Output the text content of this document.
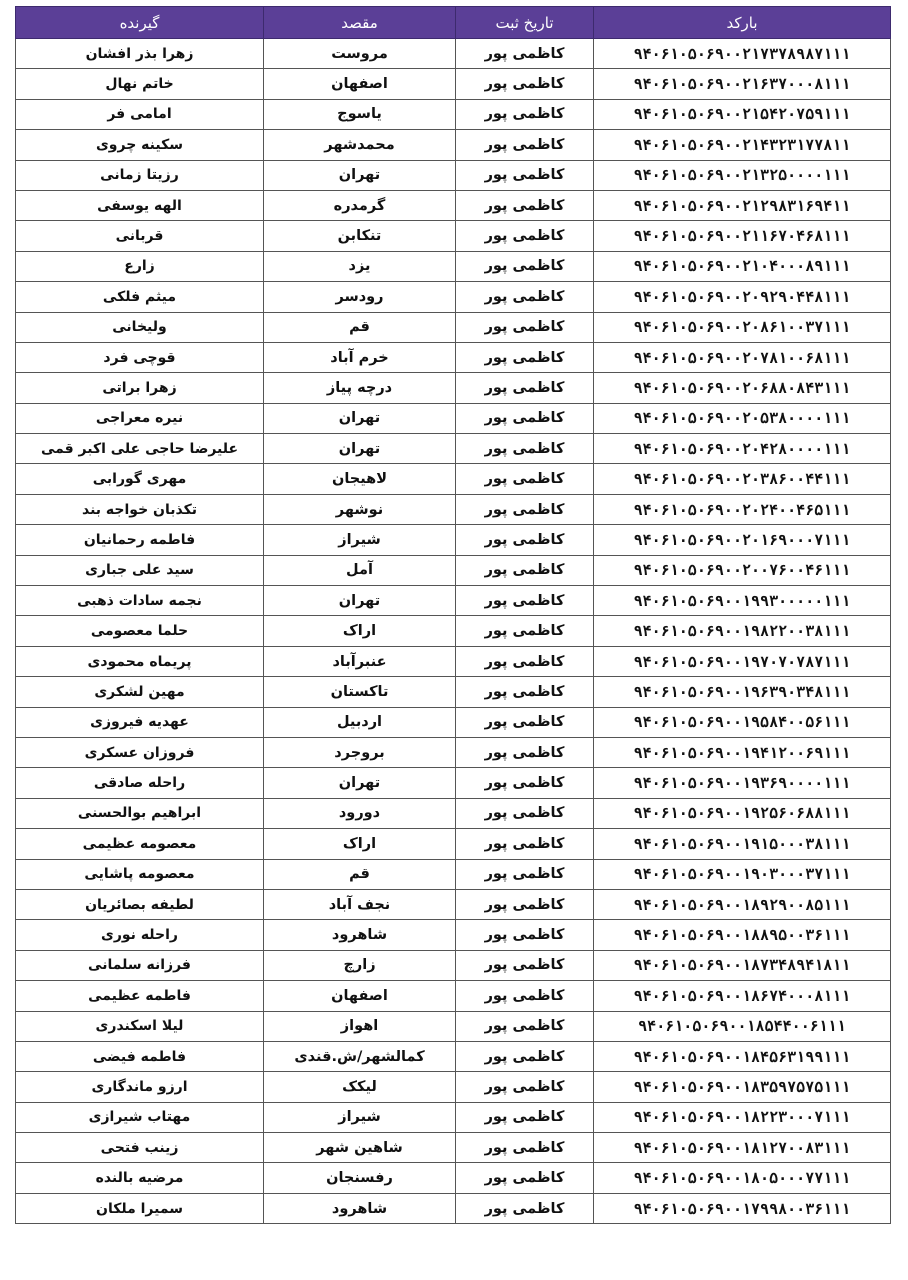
بارکد	تاریخ ثبت	مقصد	گیرنده
۹۴۰۶۱۰۵۰۶۹۰۰۲۱۷۳۷۸۹۸۷۱۱۱	کاظمی پور	مروست	زهرا بذر افشان
۹۴۰۶۱۰۵۰۶۹۰۰۲۱۶۳۷۰۰۰۸۱۱۱	کاظمی پور	اصفهان	خاتم نهال
۹۴۰۶۱۰۵۰۶۹۰۰۲۱۵۴۲۰۷۵۹۱۱۱	کاظمی پور	یاسوج	امامی فر
۹۴۰۶۱۰۵۰۶۹۰۰۲۱۴۳۲۳۱۷۷۸۱۱	کاظمی پور	محمدشهر	سکینه چروی
۹۴۰۶۱۰۵۰۶۹۰۰۲۱۳۲۵۰۰۰۰۱۱۱	کاظمی پور	تهران	رزیتا زمانی
۹۴۰۶۱۰۵۰۶۹۰۰۲۱۲۹۸۳۱۶۹۴۱۱	کاظمی پور	گرمدره	الهه یوسفی
۹۴۰۶۱۰۵۰۶۹۰۰۲۱۱۶۷۰۴۶۸۱۱۱	کاظمی پور	تنکابن	قربانی
۹۴۰۶۱۰۵۰۶۹۰۰۲۱۰۴۰۰۰۸۹۱۱۱	کاظمی پور	یزد	زارع
۹۴۰۶۱۰۵۰۶۹۰۰۲۰۹۲۹۰۴۴۸۱۱۱	کاظمی پور	رودسر	میثم فلکی
۹۴۰۶۱۰۵۰۶۹۰۰۲۰۸۶۱۰۰۳۷۱۱۱	کاظمی پور	قم	ولیخانی
۹۴۰۶۱۰۵۰۶۹۰۰۲۰۷۸۱۰۰۶۸۱۱۱	کاظمی پور	خرم آباد	قوچی فرد
۹۴۰۶۱۰۵۰۶۹۰۰۲۰۶۸۸۰۸۴۳۱۱۱	کاظمی پور	درچه پیاز	زهرا براتی
۹۴۰۶۱۰۵۰۶۹۰۰۲۰۵۳۸۰۰۰۰۱۱۱	کاظمی پور	تهران	نیره معراجی
۹۴۰۶۱۰۵۰۶۹۰۰۲۰۴۲۸۰۰۰۰۱۱۱	کاظمی پور	تهران	علیرضا حاجی علی اکبر قمی
۹۴۰۶۱۰۵۰۶۹۰۰۲۰۳۸۶۰۰۴۴۱۱۱	کاظمی پور	لاهیجان	مهری گورابی
۹۴۰۶۱۰۵۰۶۹۰۰۲۰۲۴۰۰۴۶۵۱۱۱	کاظمی پور	نوشهر	تکذبان خواجه بند
۹۴۰۶۱۰۵۰۶۹۰۰۲۰۱۶۹۰۰۰۷۱۱۱	کاظمی پور	شیراز	فاطمه رحمانیان
۹۴۰۶۱۰۵۰۶۹۰۰۲۰۰۷۶۰۰۴۶۱۱۱	کاظمی پور	آمل	سید علی جباری
۹۴۰۶۱۰۵۰۶۹۰۰۱۹۹۳۰۰۰۰۰۱۱۱	کاظمی پور	تهران	نجمه سادات ذهبی
۹۴۰۶۱۰۵۰۶۹۰۰۱۹۸۲۲۰۰۳۸۱۱۱	کاظمی پور	اراک	حلما معصومی
۹۴۰۶۱۰۵۰۶۹۰۰۱۹۷۰۷۰۷۸۷۱۱۱	کاظمی پور	عنبرآباد	پریماه محمودی
۹۴۰۶۱۰۵۰۶۹۰۰۱۹۶۳۹۰۳۴۸۱۱۱	کاظمی پور	تاکستان	مهین لشکری
۹۴۰۶۱۰۵۰۶۹۰۰۱۹۵۸۴۰۰۵۶۱۱۱	کاظمی پور	اردبیل	عهدیه فیروزی
۹۴۰۶۱۰۵۰۶۹۰۰۱۹۴۱۲۰۰۶۹۱۱۱	کاظمی پور	بروجرد	فروزان عسکری
۹۴۰۶۱۰۵۰۶۹۰۰۱۹۳۶۹۰۰۰۰۱۱۱	کاظمی پور	تهران	راحله صادقی
۹۴۰۶۱۰۵۰۶۹۰۰۱۹۲۵۶۰۶۸۸۱۱۱	کاظمی پور	دورود	ابراهیم بوالحسنی
۹۴۰۶۱۰۵۰۶۹۰۰۱۹۱۵۰۰۰۳۸۱۱۱	کاظمی پور	اراک	معصومه عظیمی
۹۴۰۶۱۰۵۰۶۹۰۰۱۹۰۳۰۰۰۳۷۱۱۱	کاظمی پور	قم	معصومه پاشایی
۹۴۰۶۱۰۵۰۶۹۰۰۱۸۹۲۹۰۰۸۵۱۱۱	کاظمی پور	نجف آباد	لطیفه بصائریان
۹۴۰۶۱۰۵۰۶۹۰۰۱۸۸۹۵۰۰۳۶۱۱۱	کاظمی پور	شاهرود	راحله نوری
۹۴۰۶۱۰۵۰۶۹۰۰۱۸۷۳۴۸۹۴۱۸۱۱	کاظمی پور	زارچ	فرزانه سلمانی
۹۴۰۶۱۰۵۰۶۹۰۰۱۸۶۷۴۰۰۰۸۱۱۱	کاظمی پور	اصفهان	فاطمه عظیمی
۹۴۰۶۱۰۵۰۶۹۰۰۱۸۵۴۴۰۰۶۱۱۱	کاظمی پور	اهواز	لیلا اسکندری
۹۴۰۶۱۰۵۰۶۹۰۰۱۸۴۵۶۳۱۹۹۱۱۱	کاظمی پور	کمالشهر/ش.قندی	فاطمه فیضی
۹۴۰۶۱۰۵۰۶۹۰۰۱۸۳۵۹۷۵۷۵۱۱۱	کاظمی پور	لیکک	ارزو ماندگاری
۹۴۰۶۱۰۵۰۶۹۰۰۱۸۲۲۳۰۰۰۷۱۱۱	کاظمی پور	شیراز	مهتاب شیرازی
۹۴۰۶۱۰۵۰۶۹۰۰۱۸۱۲۷۰۰۸۳۱۱۱	کاظمی پور	شاهین شهر	زینب فتحی
۹۴۰۶۱۰۵۰۶۹۰۰۱۸۰۵۰۰۰۷۷۱۱۱	کاظمی پور	رفسنجان	مرضیه بالنده
۹۴۰۶۱۰۵۰۶۹۰۰۱۷۹۹۸۰۰۳۶۱۱۱	کاظمی پور	شاهرود	سمیرا ملکان
